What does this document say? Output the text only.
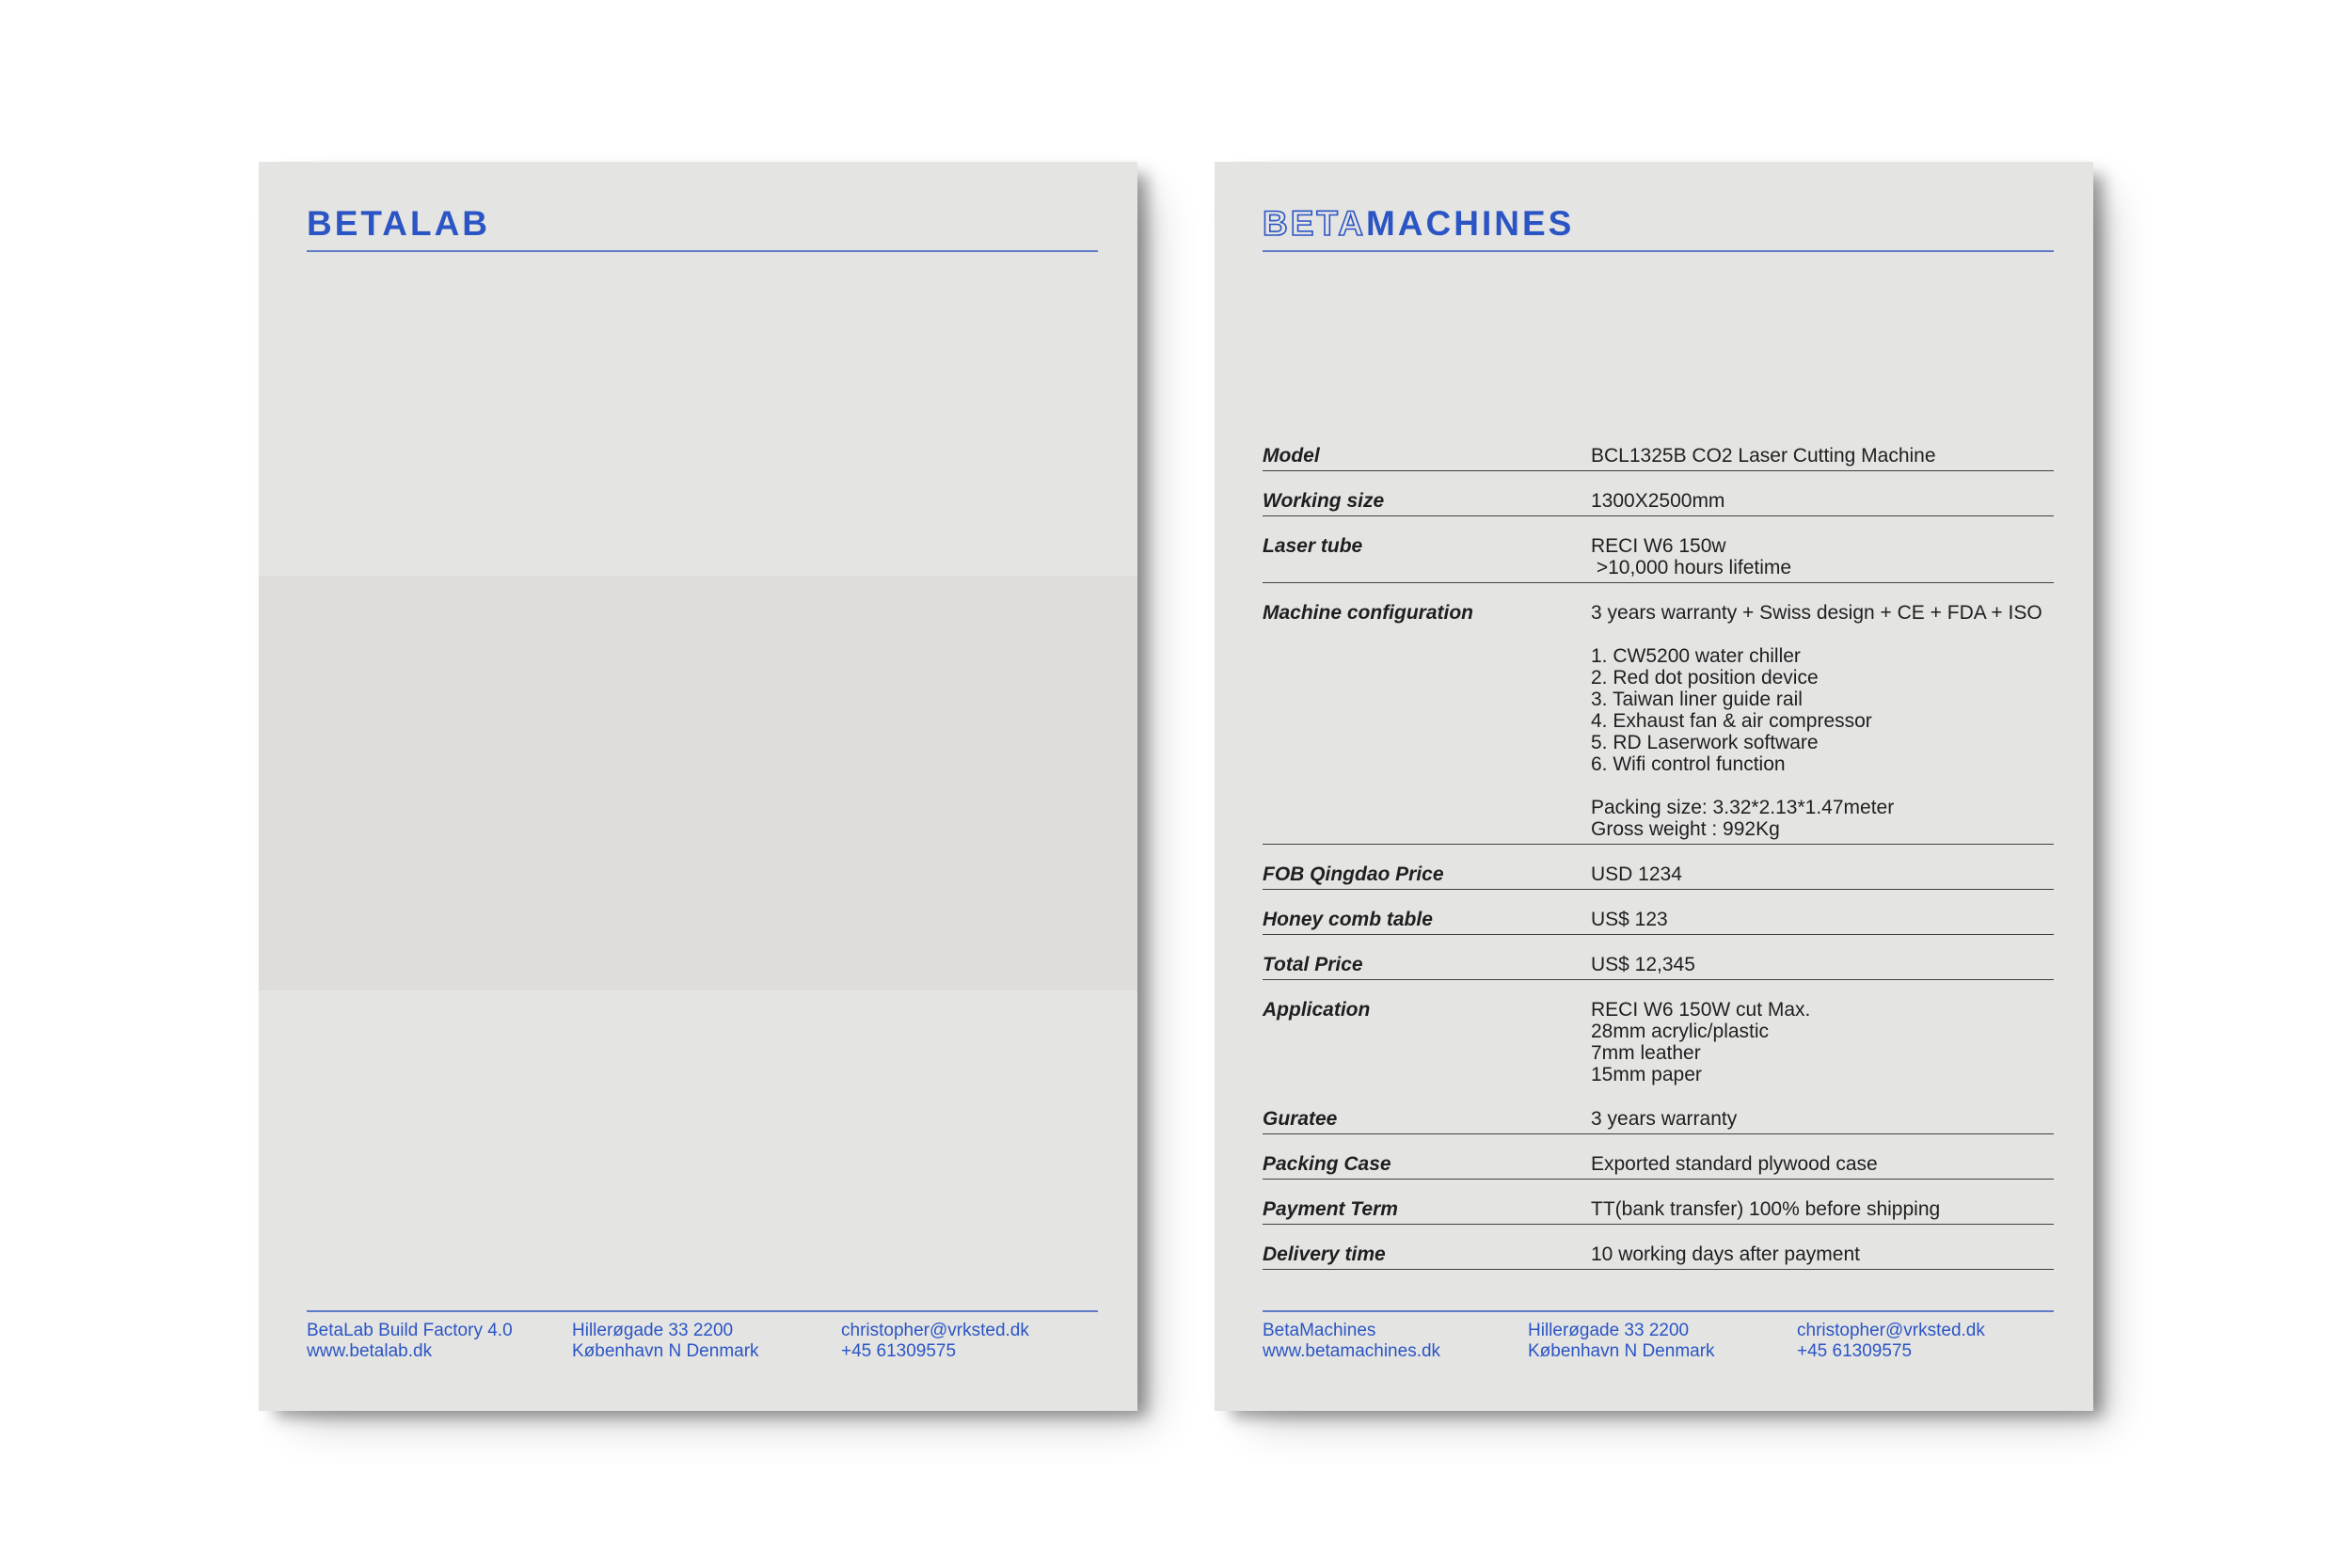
BETALAB
BetaLab Build Factory 4.0
www.betalab.dk
Hillerøgade 33 2200
København N Denmark
christopher@vrksted.dk
+45 61309575
BETAMACHINES
Model	BCL1325B CO2 Laser Cutting Machine
Working size	1300X2500mm
Laser tube	RECI W6 150w
>10,000 hours lifetime
Machine configuration	3 years warranty + Swiss design + CE + FDA + ISO
1. CW5200 water chiller
2. Red dot position device
3. Taiwan liner guide rail
4. Exhaust fan & air compressor
5. RD Laserwork software
6. Wifi control function
Packing size: 3.32*2.13*1.47meter
Gross weight : 992Kg
FOB Qingdao Price	USD 1234
Honey comb table	US$ 123
Total Price	US$ 12,345
Application	RECI W6 150W cut Max.
28mm acrylic/plastic
7mm leather
15mm paper
Guratee	3 years warranty
Packing Case	Exported standard plywood case
Payment Term	TT(bank transfer) 100% before shipping
Delivery time	10 working days after payment
BetaMachines
www.betamachines.dk
Hillerøgade 33 2200
København N Denmark
christopher@vrksted.dk
+45 61309575
